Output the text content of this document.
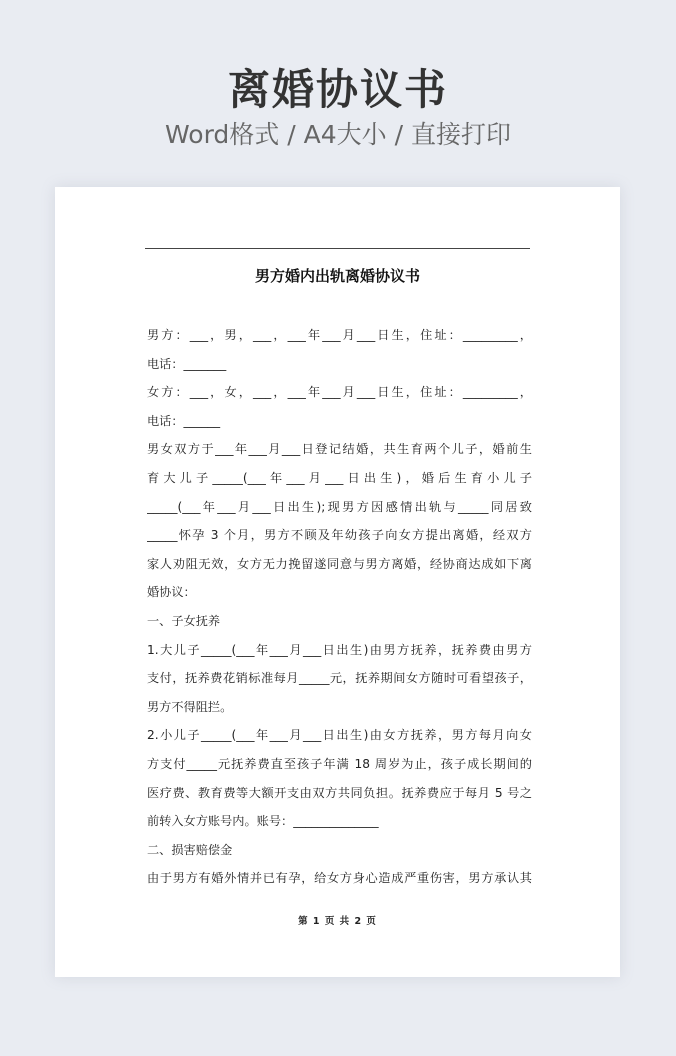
离婚协议书
Word格式 / A4大小 / 直接打印
男方婚内出轨离婚协议书
男方：___，男，___，___年___月___日生，住址：_________，
电话：_______
女方：___，女，___，___年___月___日生，住址：_________，
电话：______
男女双方于___年___月___日登记结婚，共生育两个儿子，婚前生
育大儿子_____(___年___月___日出生)，婚后生育小儿子
_____(___年___月___日出生);现男方因感情出轨与_____同居致
_____怀孕 3 个月，男方不顾及年幼孩子向女方提出离婚，经双方
家人劝阻无效，女方无力挽留遂同意与男方离婚，经协商达成如下离
婚协议：
一、子女抚养
1.大儿子_____(___年___月___日出生)由男方抚养，抚养费由男方
支付，抚养费花销标准每月_____元，抚养期间女方随时可看望孩子，
男方不得阻拦。
2.小儿子_____(___年___月___日出生)由女方抚养，男方每月向女
方支付_____元抚养费直至孩子年满 18 周岁为止，孩子成长期间的
医疗费、教育费等大额开支由双方共同负担。抚养费应于每月 5 号之
前转入女方账号内。账号：______________
二、损害赔偿金
由于男方有婚外情并已有孕，给女方身心造成严重伤害，男方承认其
第 1 页 共 2 页
